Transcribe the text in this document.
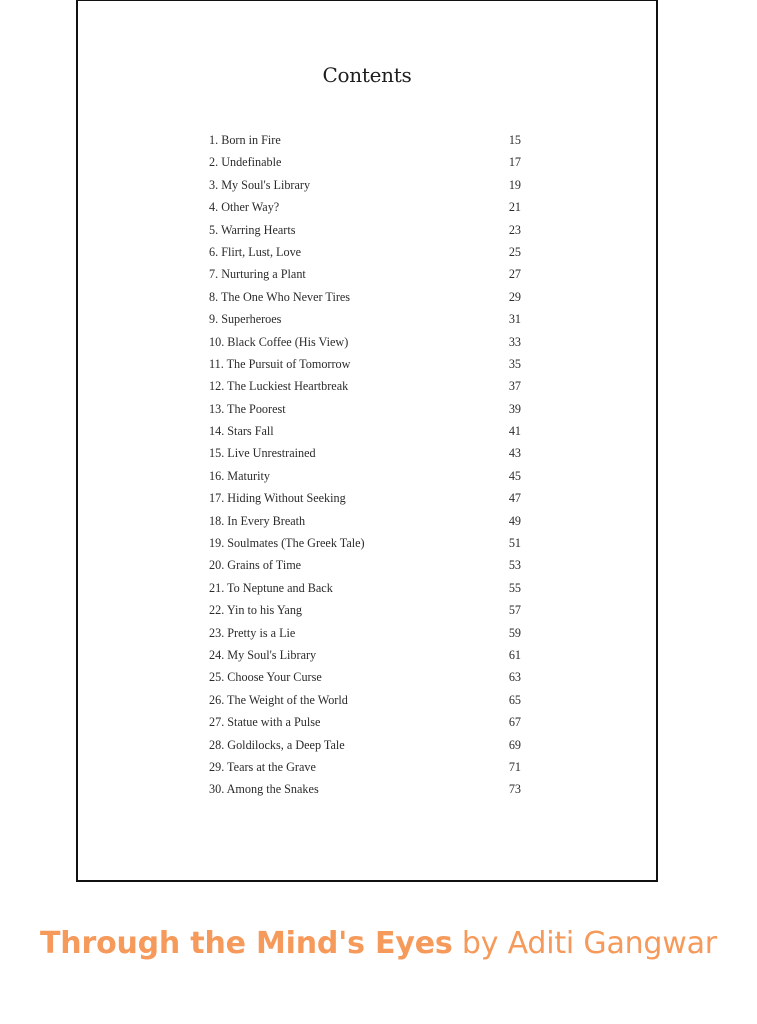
Contents
1. Born in Fire	15
2. Undefinable	17
3. My Soul's Library	19
4. Other Way?	21
5. Warring Hearts	23
6. Flirt, Lust, Love	25
7. Nurturing a Plant	27
8. The One Who Never Tires	29
9. Superheroes	31
10. Black Coffee (His View)	33
11. The Pursuit of Tomorrow	35
12. The Luckiest Heartbreak	37
13. The Poorest	39
14. Stars Fall	41
15. Live Unrestrained	43
16. Maturity	45
17. Hiding Without Seeking	47
18. In Every Breath	49
19. Soulmates (The Greek Tale)	51
20. Grains of Time	53
21. To Neptune and Back	55
22. Yin to his Yang	57
23. Pretty is a Lie	59
24. My Soul's Library	61
25. Choose Your Curse	63
26. The Weight of the World	65
27. Statue with a Pulse	67
28. Goldilocks, a Deep Tale	69
29. Tears at the Grave	71
30. Among the Snakes	73
Through the Mind's Eyes by Aditi Gangwar
